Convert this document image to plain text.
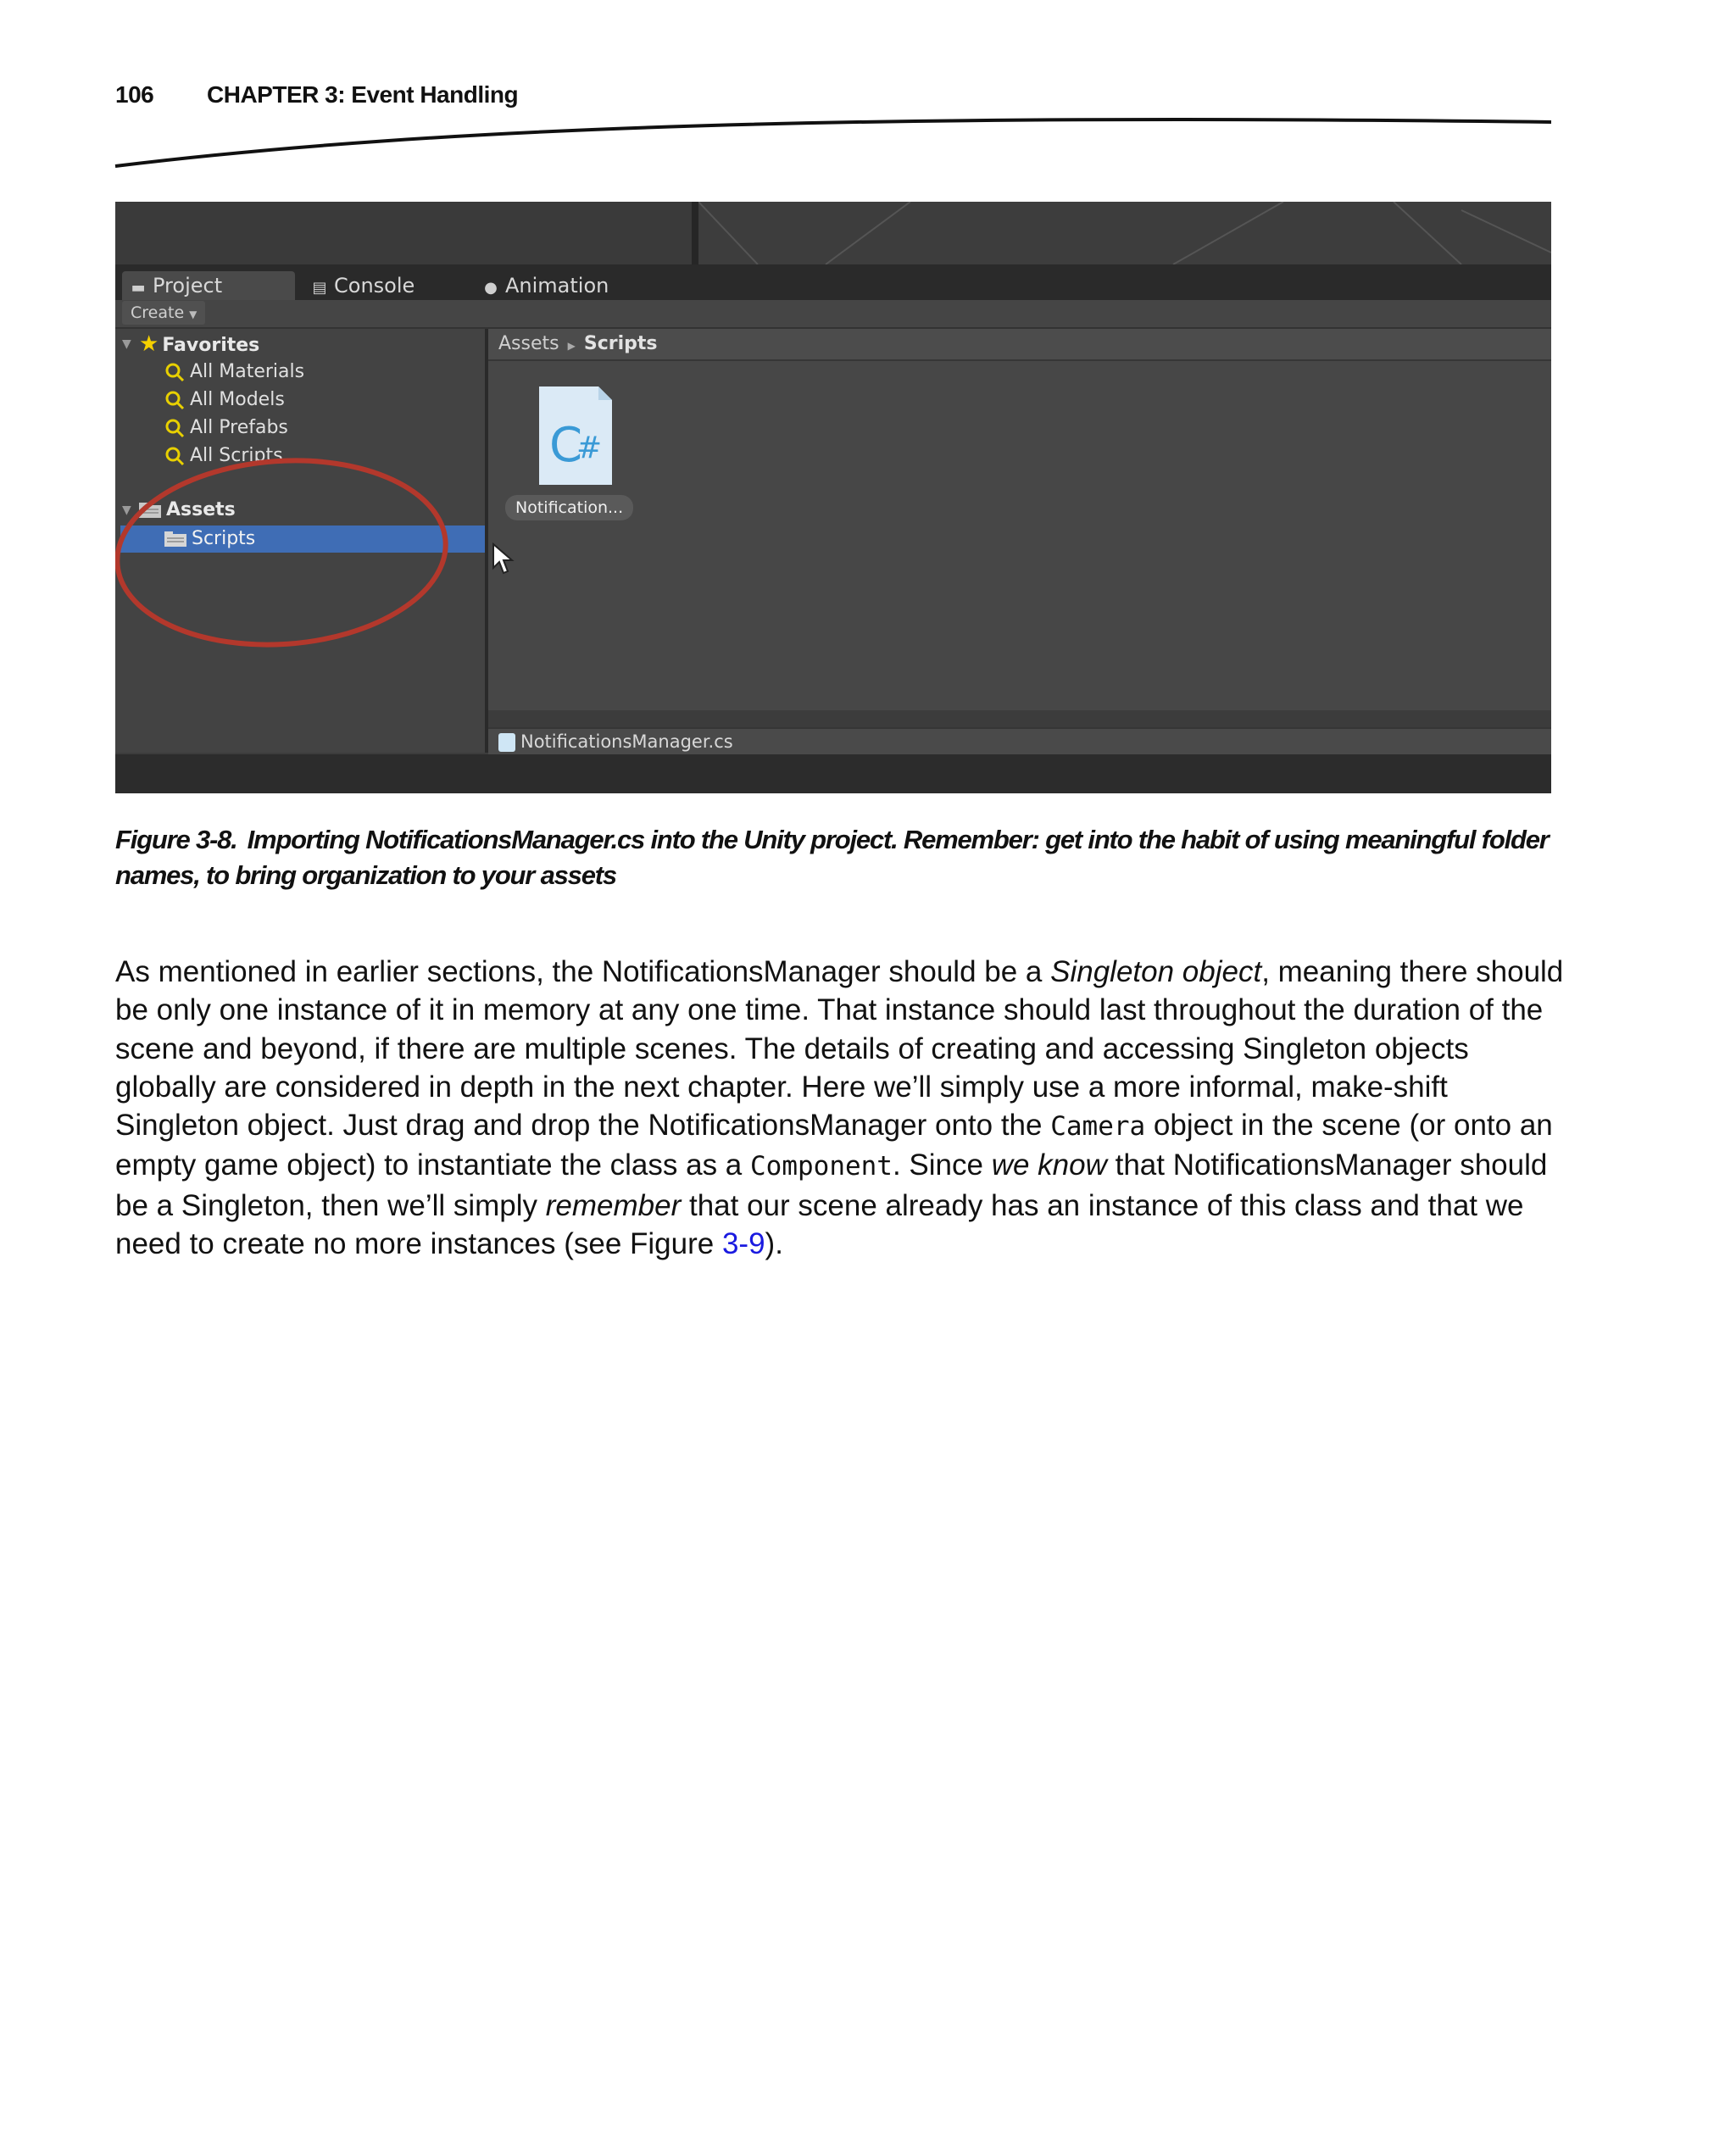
106 CHAPTER 3: Event Handling
▬ Project	▤ Console	● Animation
Create ▼
▼ ★ Favorites
All Materials
All Models
All Prefabs
All Scripts
▼	Assets
Scripts
Assets ▶ Scripts
C
#
Notification...
NotificationsManager.cs
Figure 3-8. Importing NotificationsManager.cs into the Unity project. Remember: get into the habit of using meaningful folder names, to bring organization to your assets
As mentioned in earlier sections, the NotificationsManager should be a Singleton object, meaning there should be only one instance of it in memory at any one time. That instance should last throughout the duration of the scene and beyond, if there are multiple scenes. The details of creating and accessing Singleton objects globally are considered in depth in the next chapter. Here we’ll simply use a more informal, make-shift Singleton object. Just drag and drop the NotificationsManager onto the Camera object in the scene (or onto an empty game object) to instantiate the class as a Component. Since we know that NotificationsManager should be a Singleton, then we’ll simply remember that our scene already has an instance of this class and that we need to create no more instances (see Figure 3-9).
